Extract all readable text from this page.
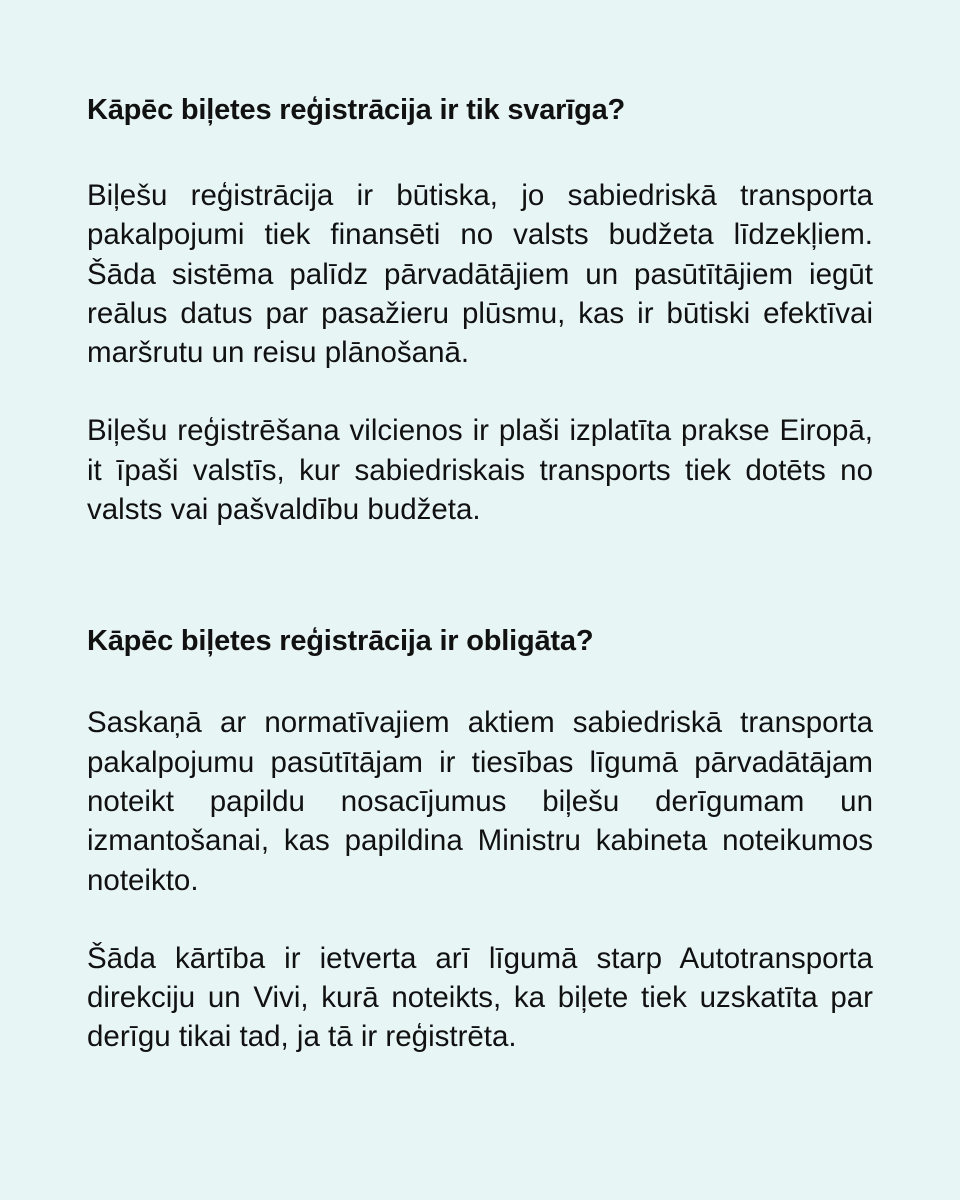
Kāpēc biļetes reģistrācija ir tik svarīga?

Biļešu reģistrācija ir būtiska, jo sabiedriskā transporta pakalpojumi tiek finansēti no valsts budžeta līdzekļiem. Šāda sistēma palīdz pārvadātājiem un pasūtītājiem iegūt reālus datus par pasažieru plūsmu, kas ir būtiski efektīvai maršrutu un reisu plānošanā.

Biļešu reģistrēšana vilcienos ir plaši izplatīta prakse Eiropā, it īpaši valstīs, kur sabiedriskais transports tiek dotēts no valsts vai pašvaldību budžeta.

Kāpēc biļetes reģistrācija ir obligāta?

Saskaņā ar normatīvajiem aktiem sabiedriskā transporta pakalpojumu pasūtītājam ir tiesības līgumā pārvadātājam noteikt papildu nosacījumus biļešu derīgumam un izmantošanai, kas papildina Ministru kabineta noteikumos noteikto.

Šāda kārtība ir ietverta arī līgumā starp Autotransporta direkciju un Vivi, kurā noteikts, ka biļete tiek uzskatīta par derīgu tikai tad, ja tā ir reģistrēta.
